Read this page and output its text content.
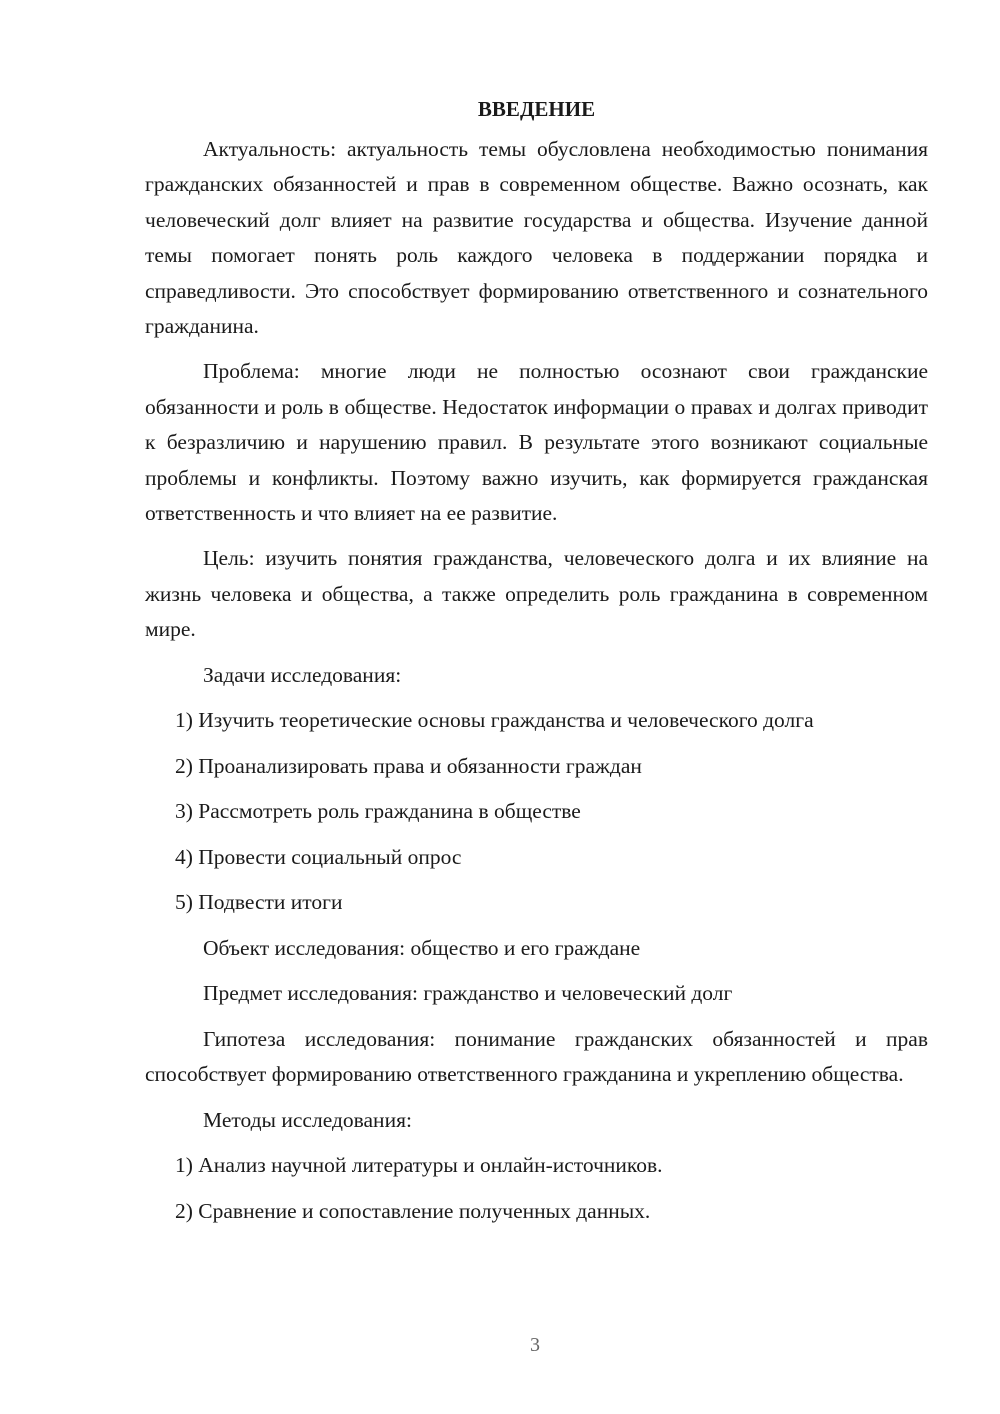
ВВЕДЕНИЕ

Актуальность: актуальность темы обусловлена необходимостью понимания гражданских обязанностей и прав в современном обществе. Важно осознать, как человеческий долг влияет на развитие государства и общества. Изучение данной темы помогает понять роль каждого человека в поддержании порядка и справедливости. Это способствует формированию ответственного и сознательного гражданина.

Проблема: многие люди не полностью осознают свои гражданские обязанности и роль в обществе. Недостаток информации о правах и долгах приводит к безразличию и нарушению правил. В результате этого возникают социальные проблемы и конфликты. Поэтому важно изучить, как формируется гражданская ответственность и что влияет на ее развитие.

Цель: изучить понятия гражданства, человеческого долга и их влияние на жизнь человека и общества, а также определить роль гражданина в современном мире.

Задачи исследования:
1) Изучить теоретические основы гражданства и человеческого долга
2) Проанализировать права и обязанности граждан
3) Рассмотреть роль гражданина в обществе
4) Провести социальный опрос
5) Подвести итоги
Объект исследования: общество и его граждане
Предмет исследования: гражданство и человеческий долг

Гипотеза исследования: понимание гражданских обязанностей и прав способствует формированию ответственного гражданина и укреплению общества.

Методы исследования:
1) Анализ научной литературы и онлайн-источников.
2) Сравнение и сопоставление полученных данных.
3
